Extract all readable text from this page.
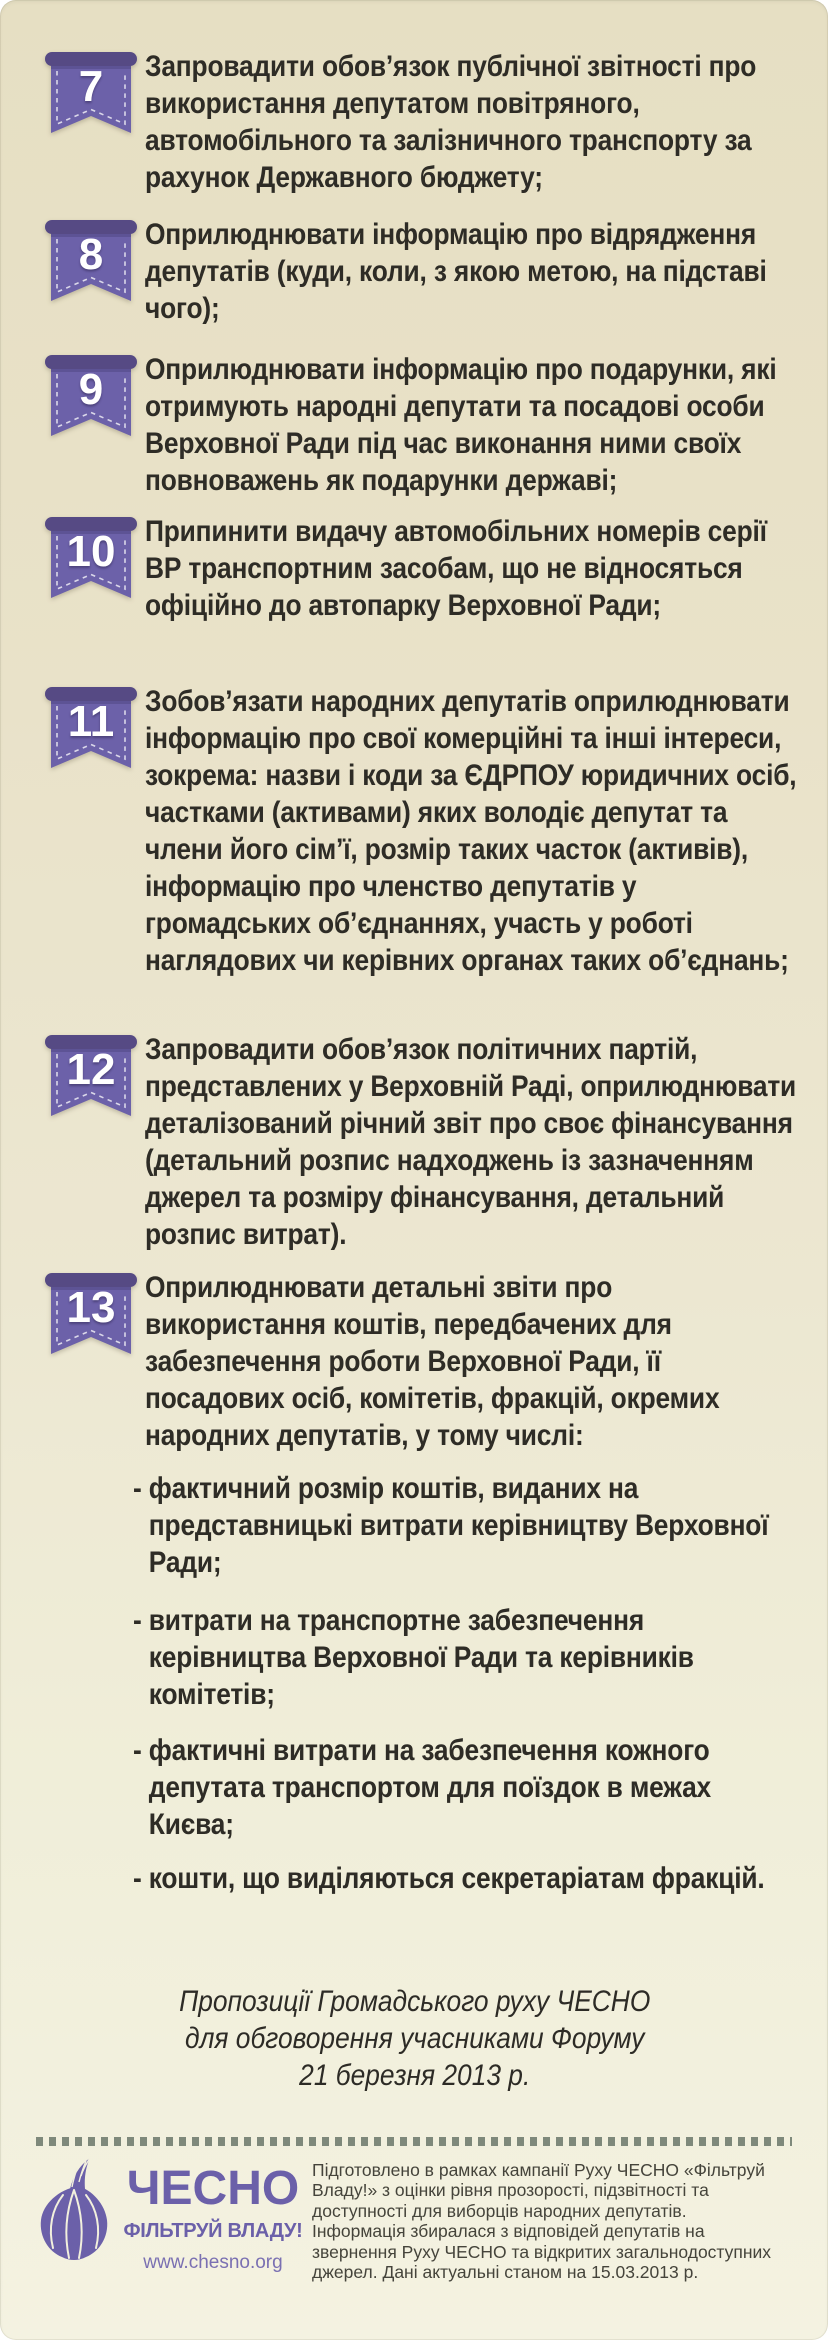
7	Запровадити обов’язок публічної звітності про використання депутатом повітряного, автомобільного та залізничного транспорту за рахунок Державного бюджету;
8	Оприлюднювати інформацію про відрядження депутатів (куди, коли, з якою метою, на підставі чого);
9	Оприлюднювати інформацію про подарунки, які отримують народні депутати та посадові особи Верховної Ради під час виконання ними своїх повноважень як подарунки державі;
10 Припинити видачу автомобільних номерів серії ВР транспортним засобам, що не відносяться офіційно до автопарку Верховної Ради;
11	Зобов’язати народних депутатів оприлюднювати інформацію про свої комерційні та інші інтереси, зокрема: назви і коди за ЄДРПОУ юридичних осіб, частками (активами) яких володіє депутат та члени його сім’ї, розмір таких часток (активів), інформацію про членство депутатів у громадських об’єднаннях, участь у роботі наглядових чи керівних органах таких об’єднань;
12 Запровадити обов’язок політичних партій, представлених у Верховній Раді, оприлюднювати деталізований річний звіт про своє фінансування (детальний розпис надходжень із зазначенням джерел та розміру фінансування, детальний розпис витрат).
13 Оприлюднювати детальні звіти про використання коштів, передбачених для забезпечення роботи Верховної Ради, її посадових осіб, комітетів, фракцій, окремих народних депутатів, у тому числі:
- фактичний розмір коштів, виданих на представницькі витрати керівництву Верховної Ради;
- витрати на транспортне забезпечення керівництва Верховної Ради та керівників комітетів;
- фактичні витрати на забезпечення кожного депутата транспортом для поїздок в межах Києва;
- кошти, що виділяються секретаріатам фракцій.
Пропозиції Громадського руху ЧЕСНО
для обговорення учасниками Форуму
21 березня 2013 р.
ЧЕСНО
ФІЛЬТРУЙ ВЛАДУ!
www.chesno.org
Підготовлено в рамках кампанії Руху ЧЕСНО «Фільтруй Владу!» з оцінки рівня прозорості, підзвітності та доступності для виборців народних депутатів. Інформація збиралася з відповідей депутатів на звернення Руху ЧЕСНО та відкритих загальнодоступних джерел. Дані актуальні станом на 15.03.2013 р.
